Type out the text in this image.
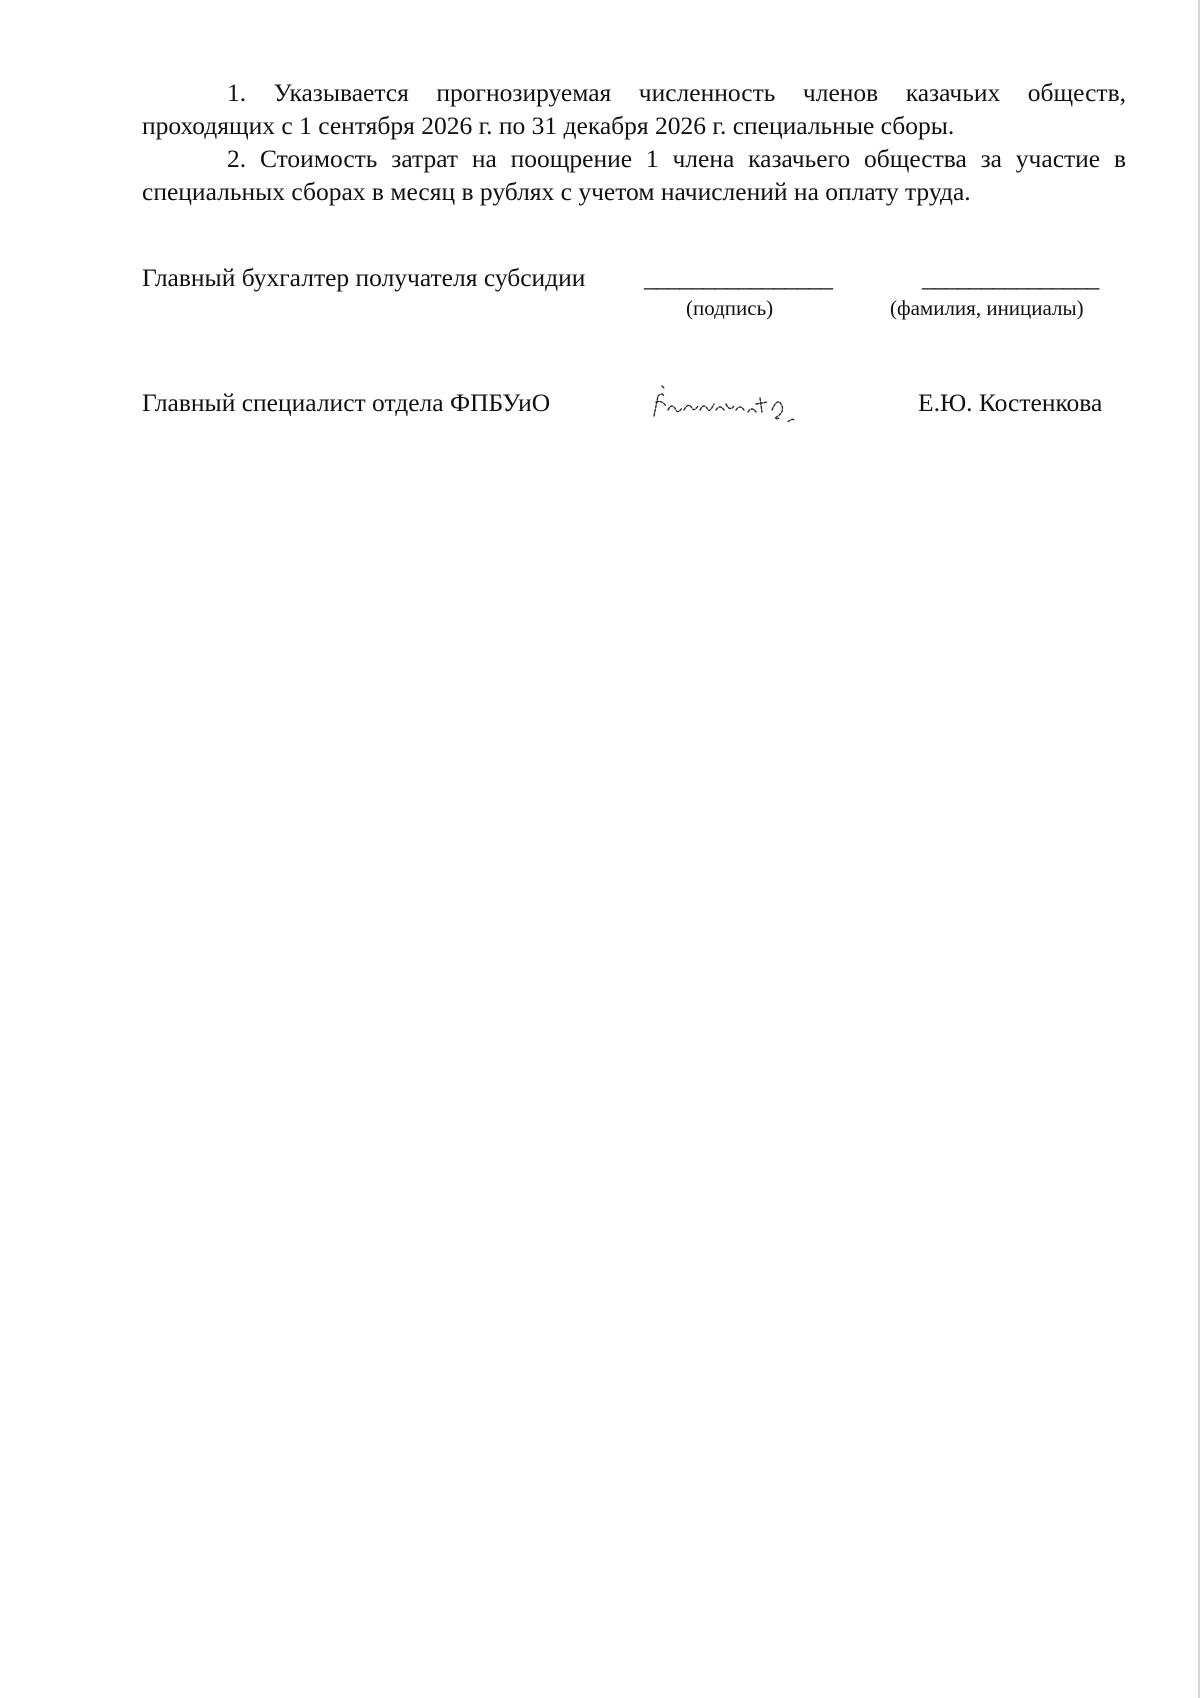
1. Указывается прогнозируемая численность членов казачьих обществ, проходящих с 1 сентября 2026 г. по 31 декабря 2026 г. специальные сборы.

2. Стоимость затрат на поощрение 1 члена казачьего общества за участие в специальных сборах в месяц в рублях с учетом начислений на оплату труда.

Главный бухгалтер получателя субсидии ________________	_______________
(подпись)	(фамилия, инициалы)
Главный специалист отдела ФПБУиО	Е.Ю. Костенкова
